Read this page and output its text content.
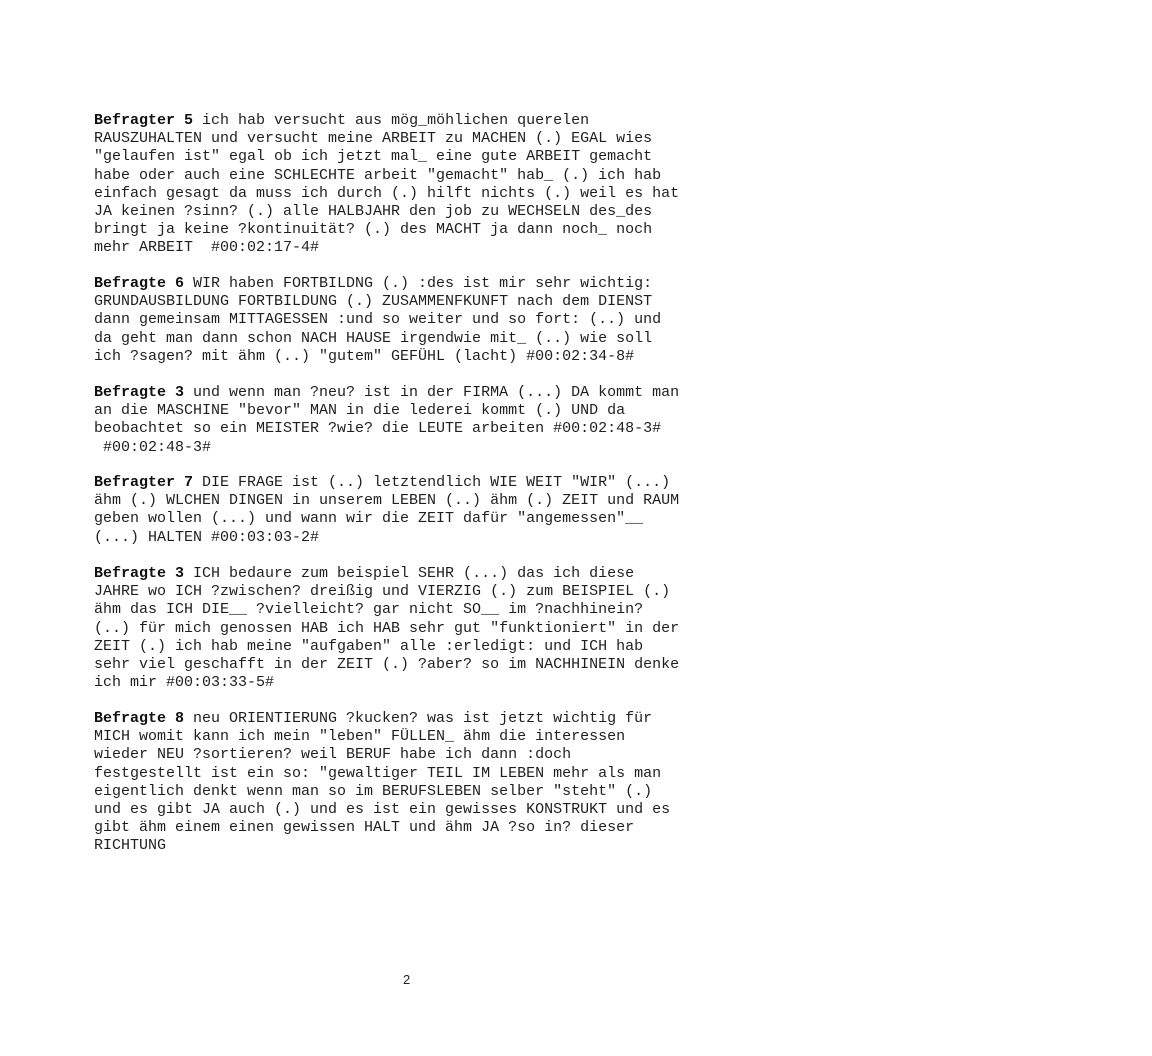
Befragter 5 ich hab versucht aus mög_möhlichen querelen
RAUSZUHALTEN und versucht meine ARBEIT zu MACHEN (.) EGAL wies
"gelaufen ist" egal ob ich jetzt mal_ eine gute ARBEIT gemacht
habe oder auch eine SCHLECHTE arbeit "gemacht" hab_ (.) ich hab
einfach gesagt da muss ich durch (.) hilft nichts (.) weil es hat
JA keinen ?sinn? (.) alle HALBJAHR den job zu WECHSELN des_des
bringt ja keine ?kontinuität? (.) des MACHT ja dann noch_ noch
mehr ARBEIT  #00:02:17-4#

Befragte 6 WIR haben FORTBILDNG (.) :des ist mir sehr wichtig:
GRUNDAUSBILDUNG FORTBILDUNG (.) ZUSAMMENFKUNFT nach dem DIENST
dann gemeinsam MITTAGESSEN :und so weiter und so fort: (..) und
da geht man dann schon NACH HAUSE irgendwie mit_ (..) wie soll
ich ?sagen? mit ähm (..) "gutem" GEFÜHL (lacht) #00:02:34-8#

Befragte 3 und wenn man ?neu? ist in der FIRMA (...) DA kommt man
an die MASCHINE "bevor" MAN in die lederei kommt (.) UND da
beobachtet so ein MEISTER ?wie? die LEUTE arbeiten #00:02:48-3#
#00:02:48-3#

Befragter 7 DIE FRAGE ist (..) letztendlich WIE WEIT "WIR" (...)
ähm (.) WLCHEN DINGEN in unserem LEBEN (..) ähm (.) ZEIT und RAUM
geben wollen (...) und wann wir die ZEIT dafür "angemessen"__
(...) HALTEN #00:03:03-2#

Befragte 3 ICH bedaure zum beispiel SEHR (...) das ich diese
JAHRE wo ICH ?zwischen? dreißig und VIERZIG (.) zum BEISPIEL (.)
ähm das ICH DIE__ ?vielleicht? gar nicht SO__ im ?nachhinein?
(..) für mich genossen HAB ich HAB sehr gut "funktioniert" in der
ZEIT (.) ich hab meine "aufgaben" alle :erledigt: und ICH hab
sehr viel geschafft in der ZEIT (.) ?aber? so im NACHHINEIN denke
ich mir #00:03:33-5#

Befragte 8 neu ORIENTIERUNG ?kucken? was ist jetzt wichtig für
MICH womit kann ich mein "leben" FÜLLEN_ ähm die interessen
wieder NEU ?sortieren? weil BERUF habe ich dann :doch
festgestellt ist ein so: "gewaltiger TEIL IM LEBEN mehr als man
eigentlich denkt wenn man so im BERUFSLEBEN selber "steht" (.)
und es gibt JA auch (.) und es ist ein gewisses KONSTRUKT und es
gibt ähm einem einen gewissen HALT und ähm JA ?so in? dieser
RICHTUNG

2
